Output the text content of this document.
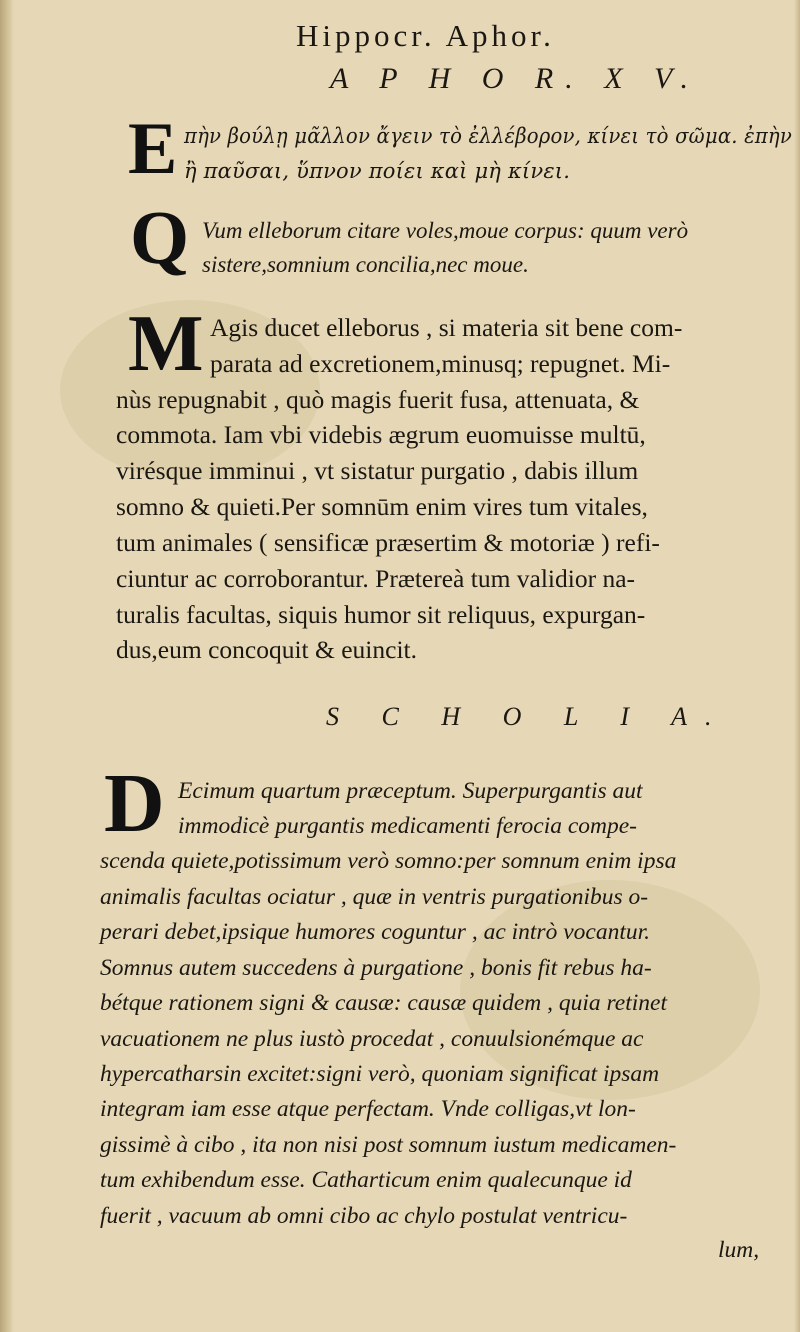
Hippocr. Aphor.
A P H O R. X V.
E πὴν βούλῃ μᾶλλον ἄγειν τὸ ἐλλέβορον, κίνει τὸ σῶμα. ἐπὴν
ἢ παῦσαι, ὕπνον ποίει καὶ μὴ κίνει.
Q Vum elleborum citare voles,moue corpus: quum verò
sistere,somnium concilia,nec moue.
M Agis ducet elleborus , si materia sit bene com-
parata ad excretionem,minusq; repugnet. Mi-
nùs repugnabit , quò magis fuerit fusa, attenuata, &
commota. Iam vbi videbis ægrum euomuisse multū,
virésque imminui , vt sistatur purgatio , dabis illum
somno & quieti.Per somnūm enim vires tum vitales,
tum animales ( sensificæ præsertim & motoriæ ) refi-
ciuntur ac corroborantur. Prætereà tum validior na-
turalis facultas, siquis humor sit reliquus, expurgan-
dus,eum concoquit & euincit.
S C H O L I A.
D Ecimum quartum præceptum. Superpurgantis aut
immodicè purgantis medicamenti ferocia compe-
scenda quiete,potissimum verò somno:per somnum enim ipsa
animalis facultas ociatur , quæ in ventris purgationibus o-
perari debet,ipsique humores coguntur , ac intrò vocantur.
Somnus autem succedens à purgatione , bonis fit rebus ha-
bétque rationem signi & causæ: causæ quidem , quia retinet
vacuationem ne plus iustò procedat , conuulsionémque ac
hypercatharsin excitet:signi verò, quoniam significat ipsam
integram iam esse atque perfectam. Vnde colligas,vt lon-
gissimè à cibo , ita non nisi post somnum iustum medicamen-
tum exhibendum esse. Catharticum enim qualecunque id
fuerit , vacuum ab omni cibo ac chylo postulat ventricu-
lum,
